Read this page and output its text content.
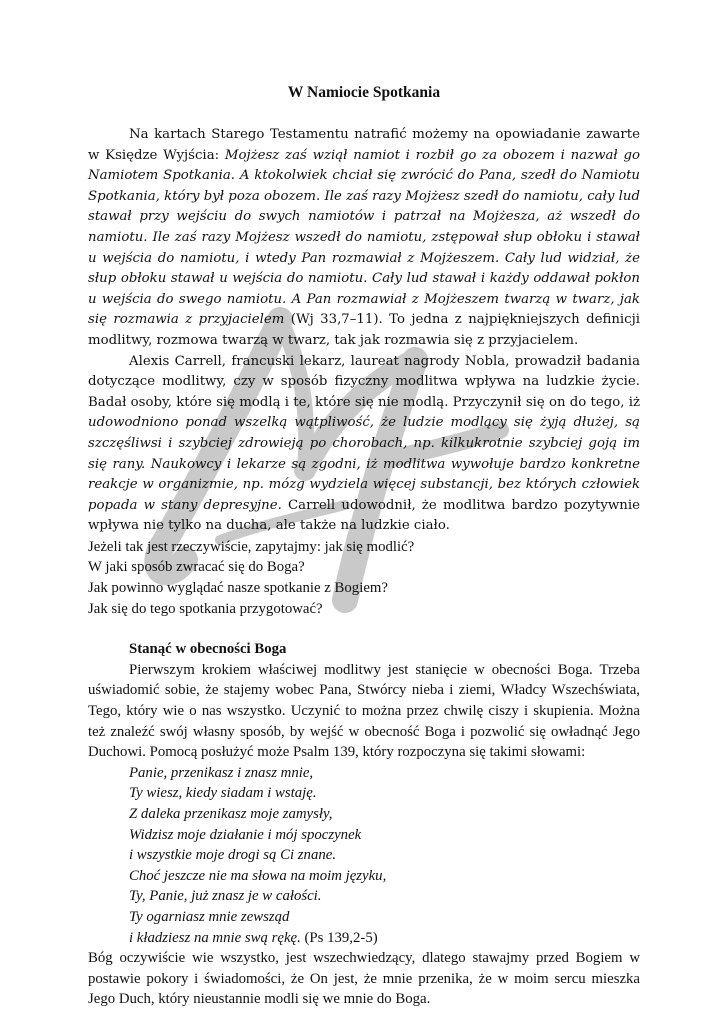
W Namiocie Spotkania

Na kartach Starego Testamentu natrafić możemy na opowiadanie zawarte w Księdze Wyjścia: Mojżesz zaś wziął namiot i rozbił go za obozem i nazwał go Namiotem Spotkania. A ktokolwiek chciał się zwrócić do Pana, szedł do Namiotu Spotkania, który był poza obozem. Ile zaś razy Mojżesz szedł do namiotu, cały lud stawał przy wejściu do swych namiotów i patrzał na Mojżesza, aż wszedł do namiotu. Ile zaś razy Mojżesz wszedł do namiotu, zstępował słup obłoku i stawał u wejścia do namiotu, i wtedy Pan rozmawiał z Mojżeszem. Cały lud widział, że słup obłoku stawał u wejścia do namiotu. Cały lud stawał i każdy oddawał pokłon u wejścia do swego namiotu. A Pan rozmawiał z Mojżeszem twarzą w twarz, jak się rozmawia z przyjacielem (Wj 33,7–11). To jedna z najpiękniejszych definicji modlitwy, rozmowa twarzą w twarz, tak jak rozmawia się z przyjacielem.

Alexis Carrell, francuski lekarz, laureat nagrody Nobla, prowadził badania dotyczące modlitwy, czy w sposób fizyczny modlitwa wpływa na ludzkie życie. Badał osoby, które się modlą i te, które się nie modlą. Przyczynił się on do tego, iż udowodniono ponad wszelką wątpliwość, że ludzie modlący się żyją dłużej, są szczęśliwsi i szybciej zdrowieją po chorobach, np. kilkukrotnie szybciej goją im się rany. Naukowcy i lekarze są zgodni, iż modlitwa wywołuje bardzo konkretne reakcje w organizmie, np. mózg wydziela więcej substancji, bez których człowiek popada w stany depresyjne. Carrell udowodnił, że modlitwa bardzo pozytywnie wpływa nie tylko na ducha, ale także na ludzkie ciało.

Jeżeli tak jest rzeczywiście, zapytajmy: jak się modlić?

W jaki sposób zwracać się do Boga?

Jak powinno wyglądać nasze spotkanie z Bogiem?

Jak się do tego spotkania przygotować?

Stanąć w obecności Boga

Pierwszym krokiem właściwej modlitwy jest stanięcie w obecności Boga. Trzeba uświadomić sobie, że stajemy wobec Pana, Stwórcy nieba i ziemi, Władcy Wszechświata, Tego, który wie o nas wszystko. Uczynić to można przez chwilę ciszy i skupienia. Można też znaleźć swój własny sposób, by wejść w obecność Boga i pozwolić się owładnąć Jego Duchowi. Pomocą posłużyć może Psalm 139, który rozpoczyna się takimi słowami:

Panie, przenikasz i znasz mnie,

Ty wiesz, kiedy siadam i wstaję.

Z daleka przenikasz moje zamysły,

Widzisz moje działanie i mój spoczynek

i wszystkie moje drogi są Ci znane.

Choć jeszcze nie ma słowa na moim języku,

Ty, Panie, już znasz je w całości.

Ty ogarniasz mnie zewsząd

i kładziesz na mnie swą rękę. (Ps 139,2-5)

Bóg oczywiście wie wszystko, jest wszechwiedzący, dlatego stawajmy przed Bogiem w postawie pokory i świadomości, że On jest, że mnie przenika, że w moim sercu mieszka Jego Duch, który nieustannie modli się we mnie do Boga.
